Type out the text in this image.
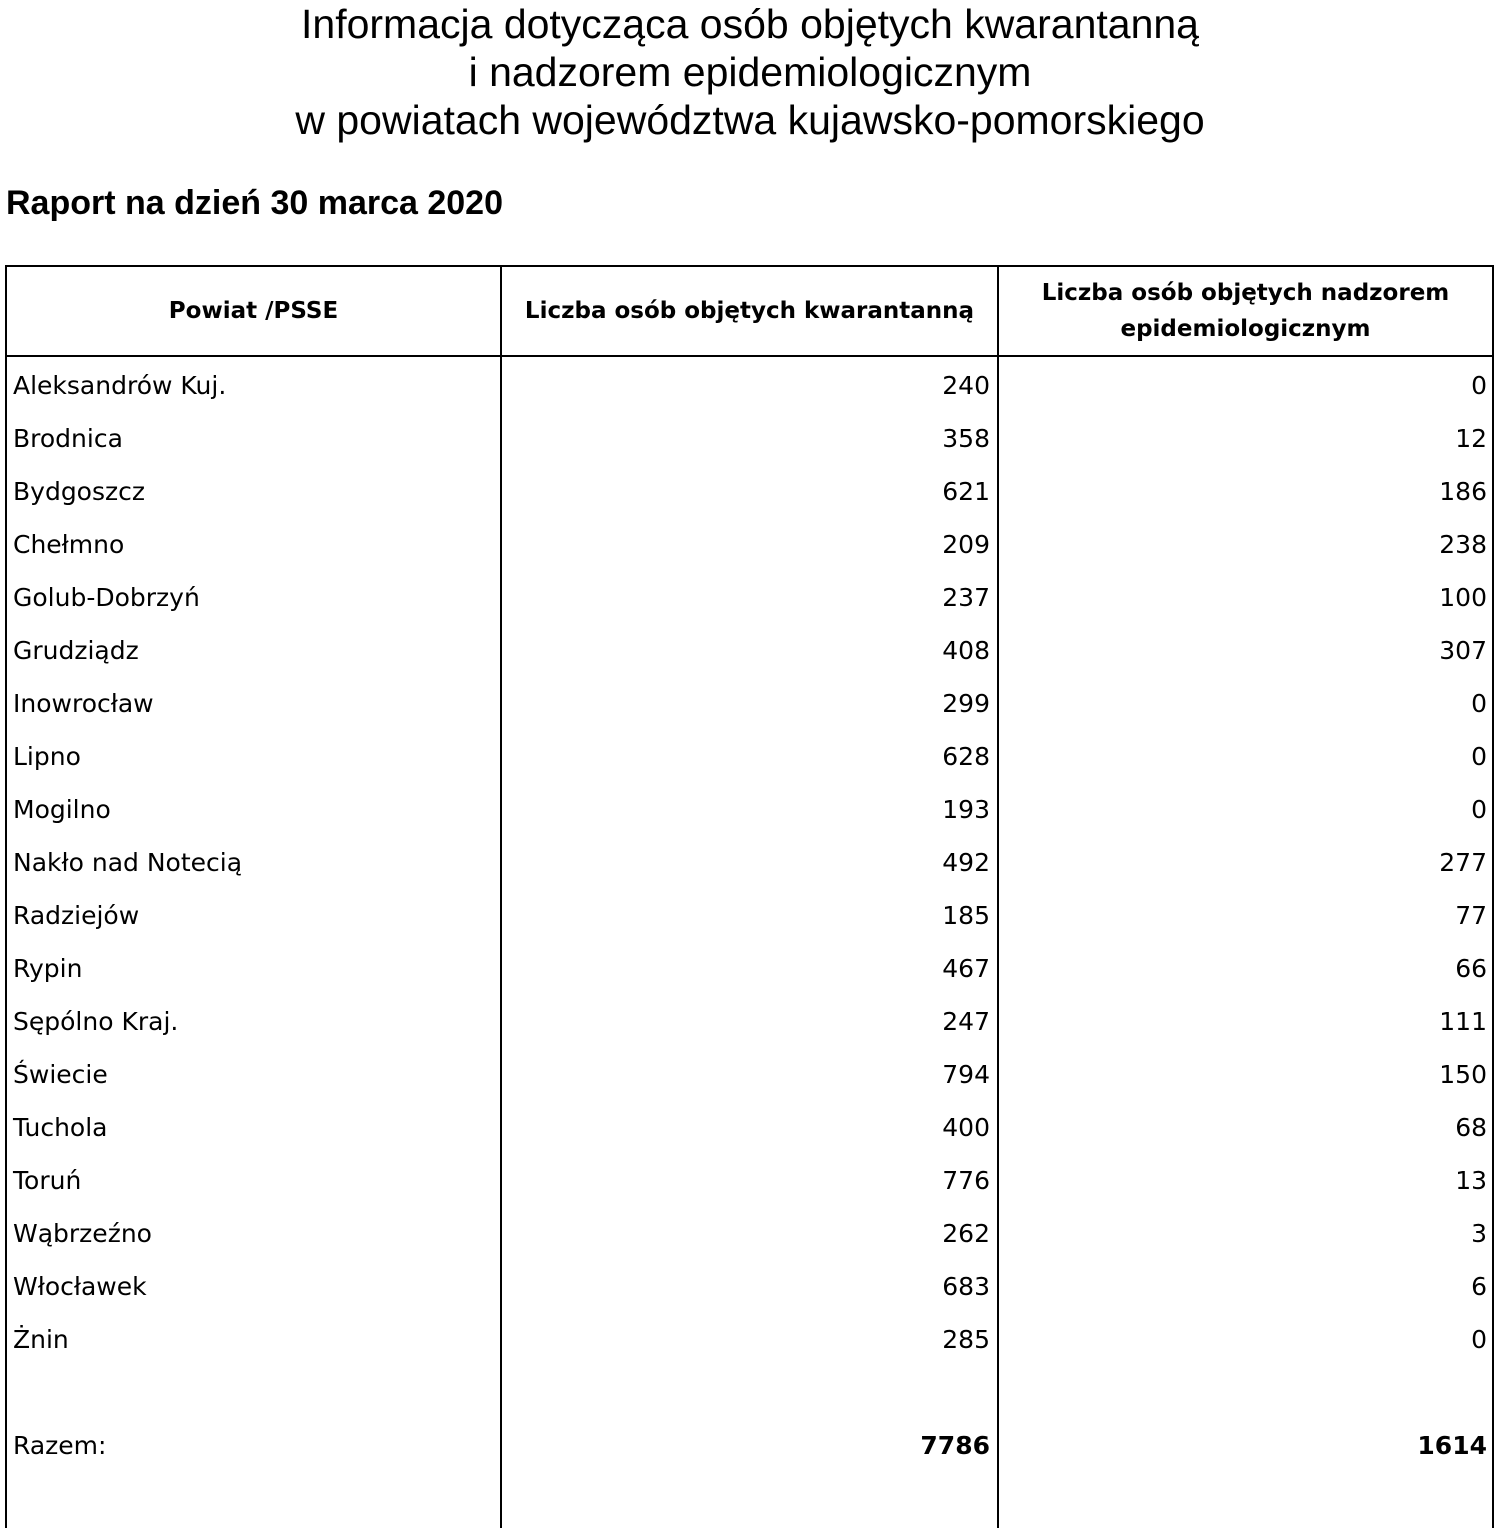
Informacja dotycząca osób objętych kwarantanną
i nadzorem epidemiologicznym
w powiatach województwa kujawsko-pomorskiego
Raport na dzień 30 marca 2020
Powiat /PSSE	Liczba osób objętych kwarantanną
Liczba osób objętych nadzorem
epidemiologicznym
Aleksandrów Kuj.	240	0
Brodnica	358	12
Bydgoszcz	621	186
Chełmno	209	238
Golub-Dobrzyń	237	100
Grudziądz	408	307
Inowrocław	299	0
Lipno	628	0
Mogilno	193	0
Nakło nad Notecią	492	277
Radziejów	185	77
Rypin	467	66
Sępólno Kraj.	247	111
Świecie	794	150
Tuchola	400	68
Toruń	776	13
Wąbrzeźno	262	3
Włocławek	683	6
Żnin	285	0
Razem:	7786	1614
